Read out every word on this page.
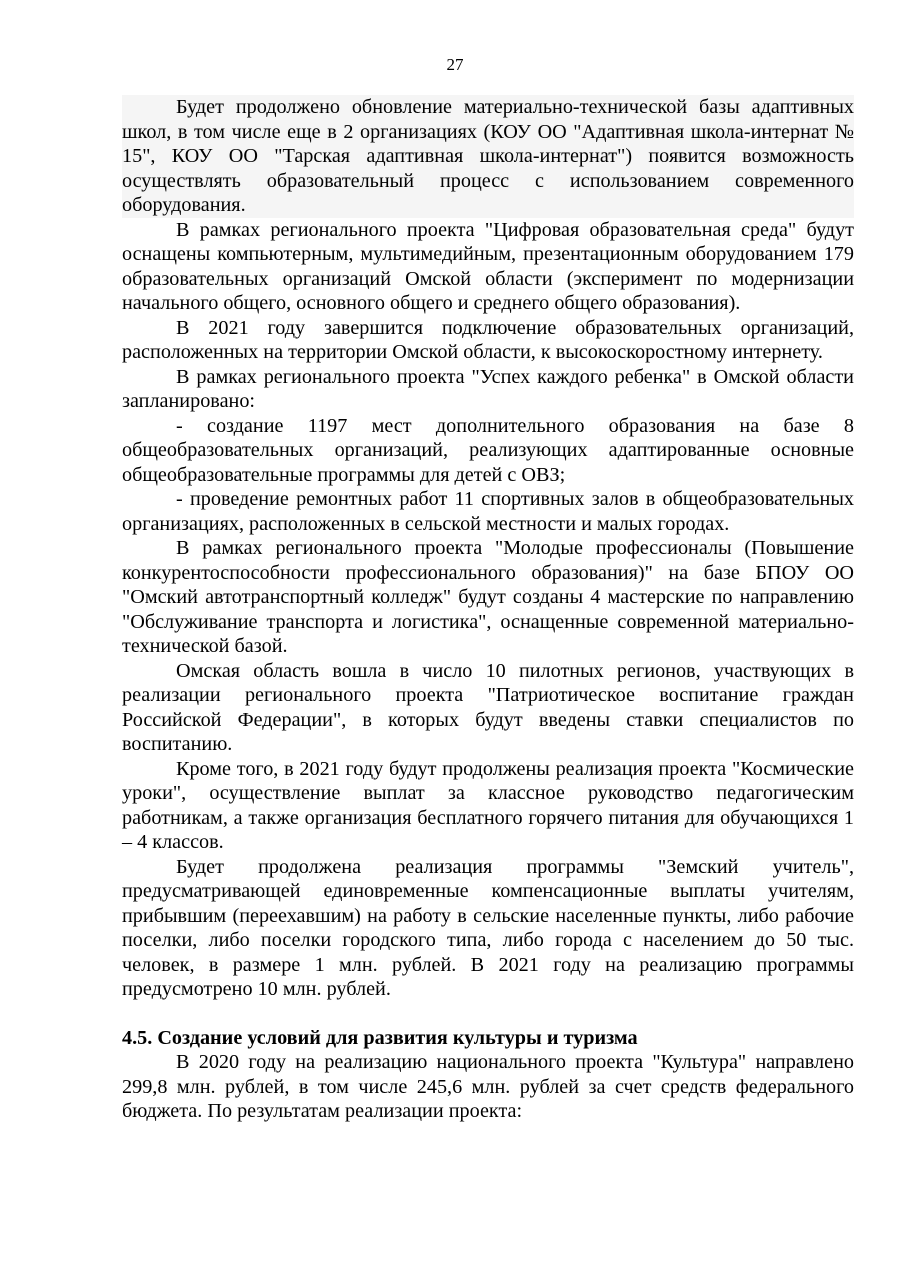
27

Будет продолжено обновление материально-технической базы адаптивных школ, в том числе еще в 2 организациях (КОУ ОО "Адаптивная школа-интернат № 15", КОУ ОО "Тарская адаптивная школа-интернат") появится возможность осуществлять образовательный процесс с использованием современного оборудования.

В рамках регионального проекта "Цифровая образовательная среда" будут оснащены компьютерным, мультимедийным, презентационным оборудованием 179 образовательных организаций Омской области (эксперимент по модернизации начального общего, основного общего и среднего общего образования).

В 2021 году завершится подключение образовательных организаций, расположенных на территории Омской области, к высокоскоростному интернету.

В рамках регионального проекта "Успех каждого ребенка" в Омской области запланировано:

- создание 1197 мест дополнительного образования на базе 8 общеобразовательных организаций, реализующих адаптированные основные общеобразовательные программы для детей с ОВЗ;

- проведение ремонтных работ 11 спортивных залов в общеобразовательных организациях, расположенных в сельской местности и малых городах.

В рамках регионального проекта "Молодые профессионалы (Повышение конкурентоспособности профессионального образования)" на базе БПОУ ОО "Омский автотранспортный колледж" будут созданы 4 мастерские по направлению "Обслуживание транспорта и логистика", оснащенные современной материально-технической базой.

Омская область вошла в число 10 пилотных регионов, участвующих в реализации регионального проекта "Патриотическое воспитание граждан Российской Федерации", в которых будут введены ставки специалистов по воспитанию.

Кроме того, в 2021 году будут продолжены реализация проекта "Космические уроки", осуществление выплат за классное руководство педагогическим работникам, а также организация бесплатного горячего питания для обучающихся 1 – 4 классов.

Будет продолжена реализация программы "Земский учитель", предусматривающей единовременные компенсационные выплаты учителям, прибывшим (переехавшим) на работу в сельские населенные пункты, либо рабочие поселки, либо поселки городского типа, либо города с населением до 50 тыс. человек, в размере 1 млн. рублей. В 2021 году на реализацию программы предусмотрено 10 млн. рублей.

4.5. Создание условий для развития культуры и туризма

В 2020 году на реализацию национального проекта "Культура" направлено 299,8 млн. рублей, в том числе 245,6 млн. рублей за счет средств федерального бюджета. По результатам реализации проекта:
